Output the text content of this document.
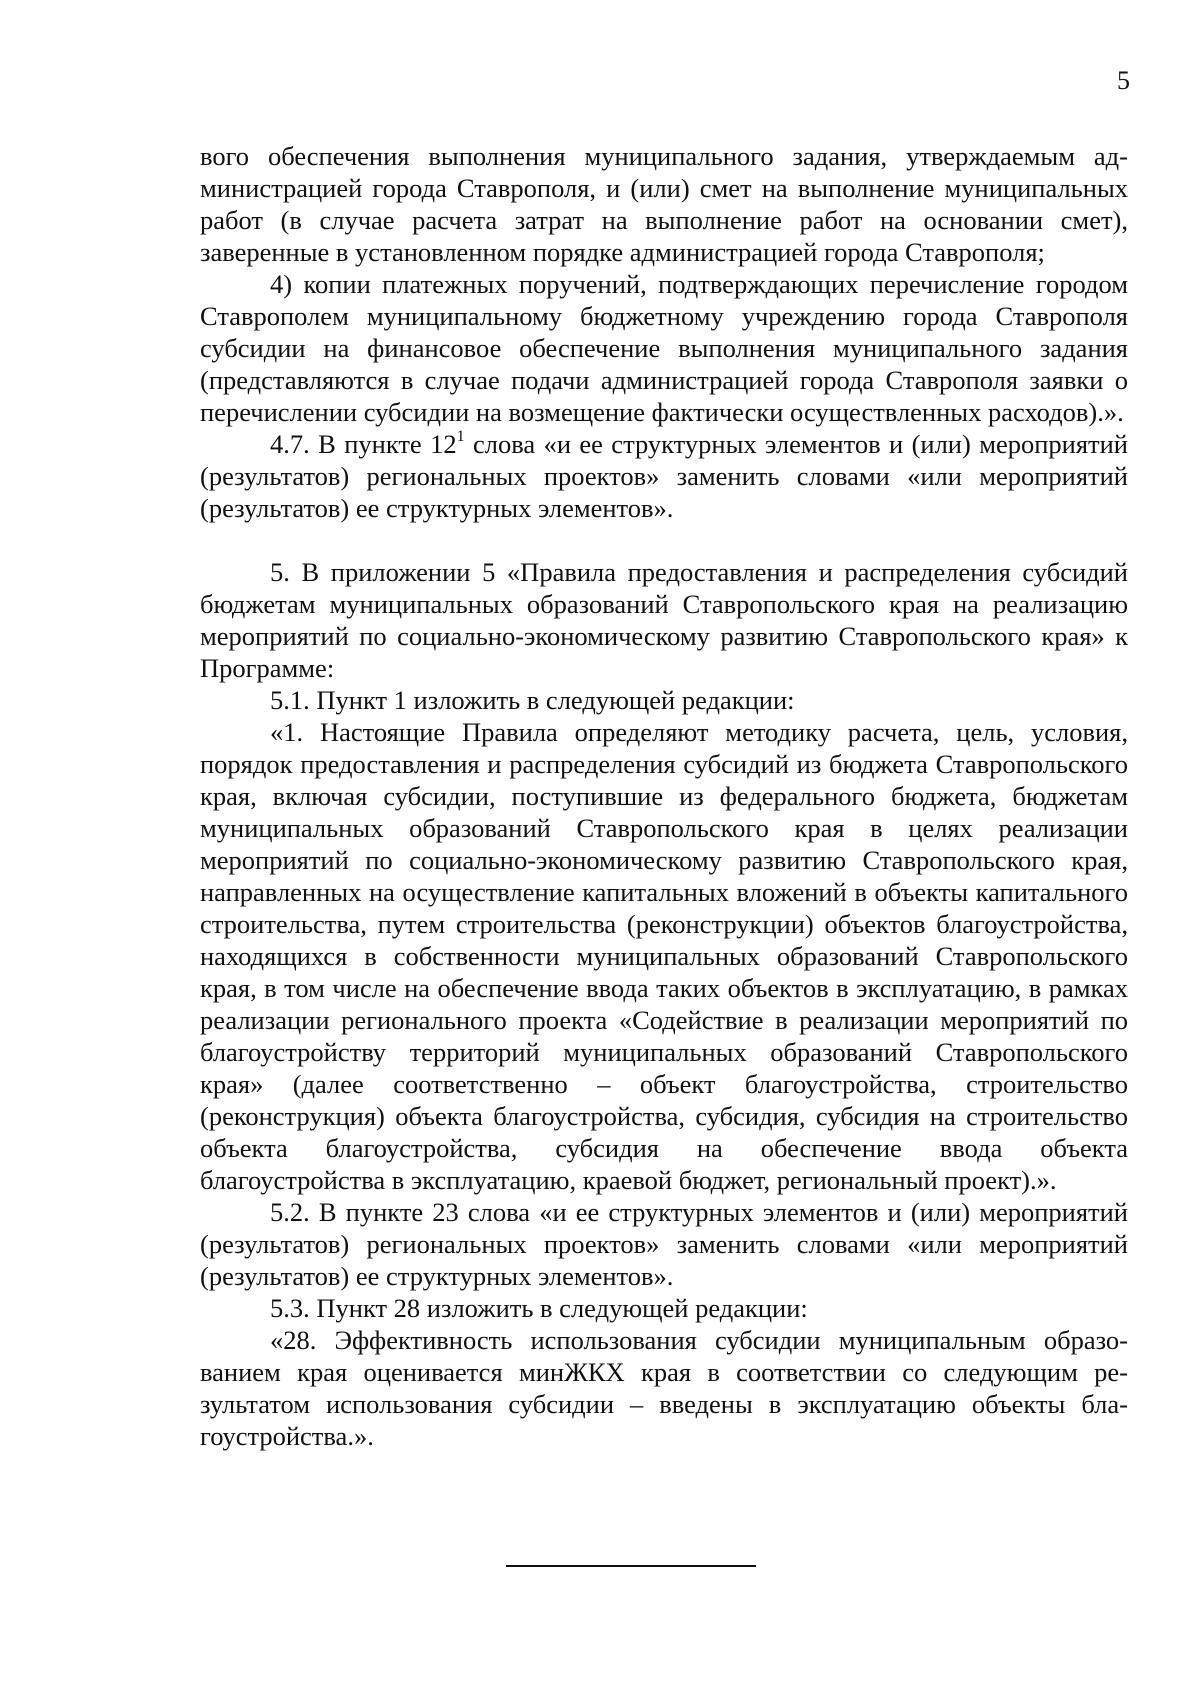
5

вого обеспечения выполнения муниципального задания, утверждаемым администрацией города Ставрополя, и (или) смет на выполнение муниципальных работ (в случае расчета затрат на выполнение работ на основании смет), заверенные в установленном порядке администрацией города Ставрополя;

4) копии платежных поручений, подтверждающих перечисление городом Ставрополем муниципальному бюджетному учреждению города Ставрополя субсидии на финансовое обеспечение выполнения муниципального задания (представляются в случае подачи администрацией города Ставрополя заявки о перечислении субсидии на возмещение фактически осуществленных расходов).».

4.7. В пункте $12^1$ слова «и ее структурных элементов и (или) мероприятий (результатов) региональных проектов» заменить словами «или мероприятий (результатов) ее структурных элементов».

5. В приложении 5 «Правила предоставления и распределения субсидий бюджетам муниципальных образований Ставропольского края на реализацию мероприятий по социально-экономическому развитию Ставропольского края» к Программе:

5.1. Пункт 1 изложить в следующей редакции:

«1. Настоящие Правила определяют методику расчета, цель, условия, порядок предоставления и распределения субсидий из бюджета Ставропольского края, включая субсидии, поступившие из федерального бюджета, бюджетам муниципальных образований Ставропольского края в целях реализации мероприятий по социально-экономическому развитию Ставропольского края, направленных на осуществление капитальных вложений в объекты капитального строительства, путем строительства (реконструкции) объектов благоустройства, находящихся в собственности муниципальных образований Ставропольского края, в том числе на обеспечение ввода таких объектов в эксплуатацию, в рамках реализации регионального проекта «Содействие в реализации мероприятий по благоустройству территорий муниципальных образований Ставропольского края» (далее соответственно – объект благоустройства, строительство (реконструкция) объекта благоустройства, субсидия, субсидия на строительство объекта благоустройства, субсидия на обеспечение ввода объекта благоустройства в эксплуатацию, краевой бюджет, региональный проект).».

5.2. В пункте 23 слова «и ее структурных элементов и (или) мероприятий (результатов) региональных проектов» заменить словами «или мероприятий (результатов) ее структурных элементов».

5.3. Пункт 28 изложить в следующей редакции:

«28. Эффективность использования субсидии муниципальным образованием края оценивается минЖКХ края в соответствии со следующим результатом использования субсидии – введены в эксплуатацию объекты благоустройства.».
